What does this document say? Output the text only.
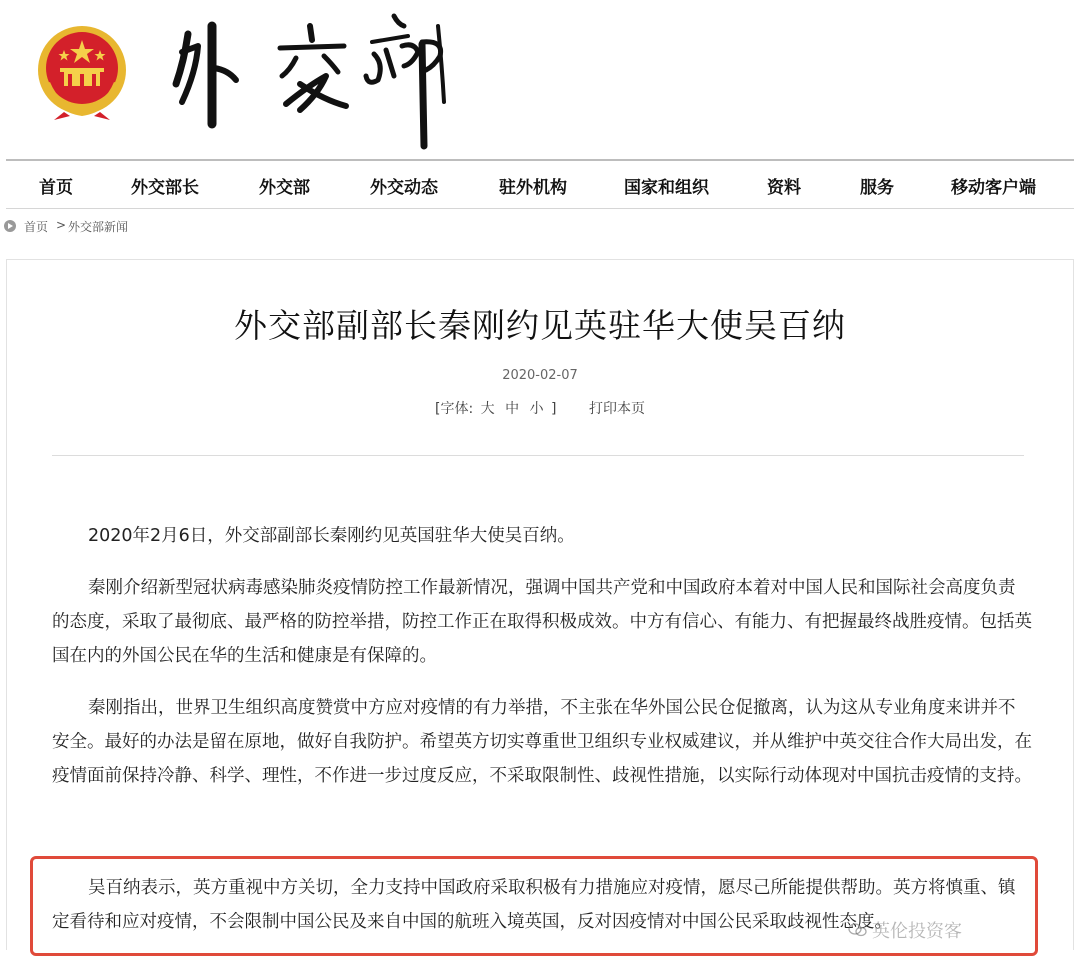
首页	外交部长	外交部	外交动态	驻外机构	国家和组织	资料	服务	移动客户端
首页 > 外交部新闻
外交部副部长秦刚约见英驻华大使吴百纳
2020-02-07
[字体: 大 中 小 ] 打印本页

2020年2月6日，外交部副部长秦刚约见英国驻华大使吴百纳。

秦刚介绍新型冠状病毒感染肺炎疫情防控工作最新情况，强调中国共产党和中国政府本着对中国人民和国际社会高度负责的态度，采取了最彻底、最严格的防控举措，防控工作正在取得积极成效。中方有信心、有能力、有把握最终战胜疫情。包括英国在内的外国公民在华的生活和健康是有保障的。

秦刚指出，世界卫生组织高度赞赏中方应对疫情的有力举措，不主张在华外国公民仓促撤离，认为这从专业角度来讲并不安全。最好的办法是留在原地，做好自我防护。希望英方切实尊重世卫组织专业权威建议，并从维护中英交往合作大局出发，在疫情面前保持冷静、科学、理性，不作进一步过度反应，不采取限制性、歧视性措施，以实际行动体现对中国抗击疫情的支持。

吴百纳表示，英方重视中方关切，全力支持中国政府采取积极有力措施应对疫情，愿尽己所能提供帮助。英方将慎重、镇定看待和应对疫情，不会限制中国公民及来自中国的航班入境英国，反对因疫情对中国公民采取歧视性态度。

英伦投资客
